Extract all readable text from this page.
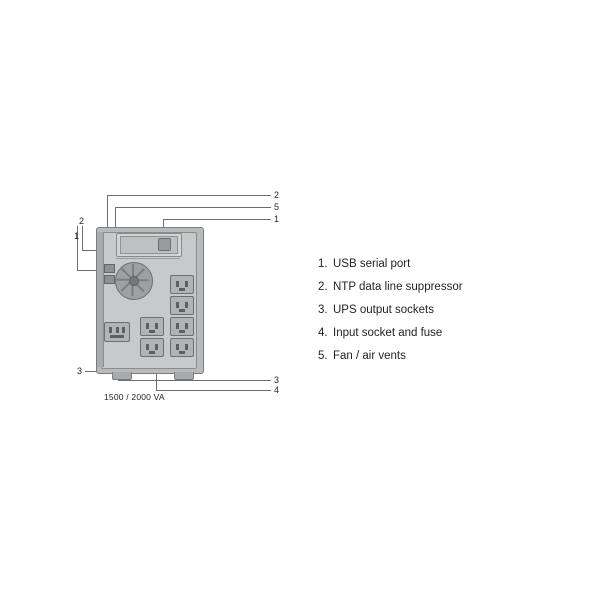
2
5
1
2
1
3
3
4
1500 / 2000 VA
1. USB serial port
2. NTP data line suppressor
3. UPS output sockets
4. Input socket and fuse
5. Fan / air vents
